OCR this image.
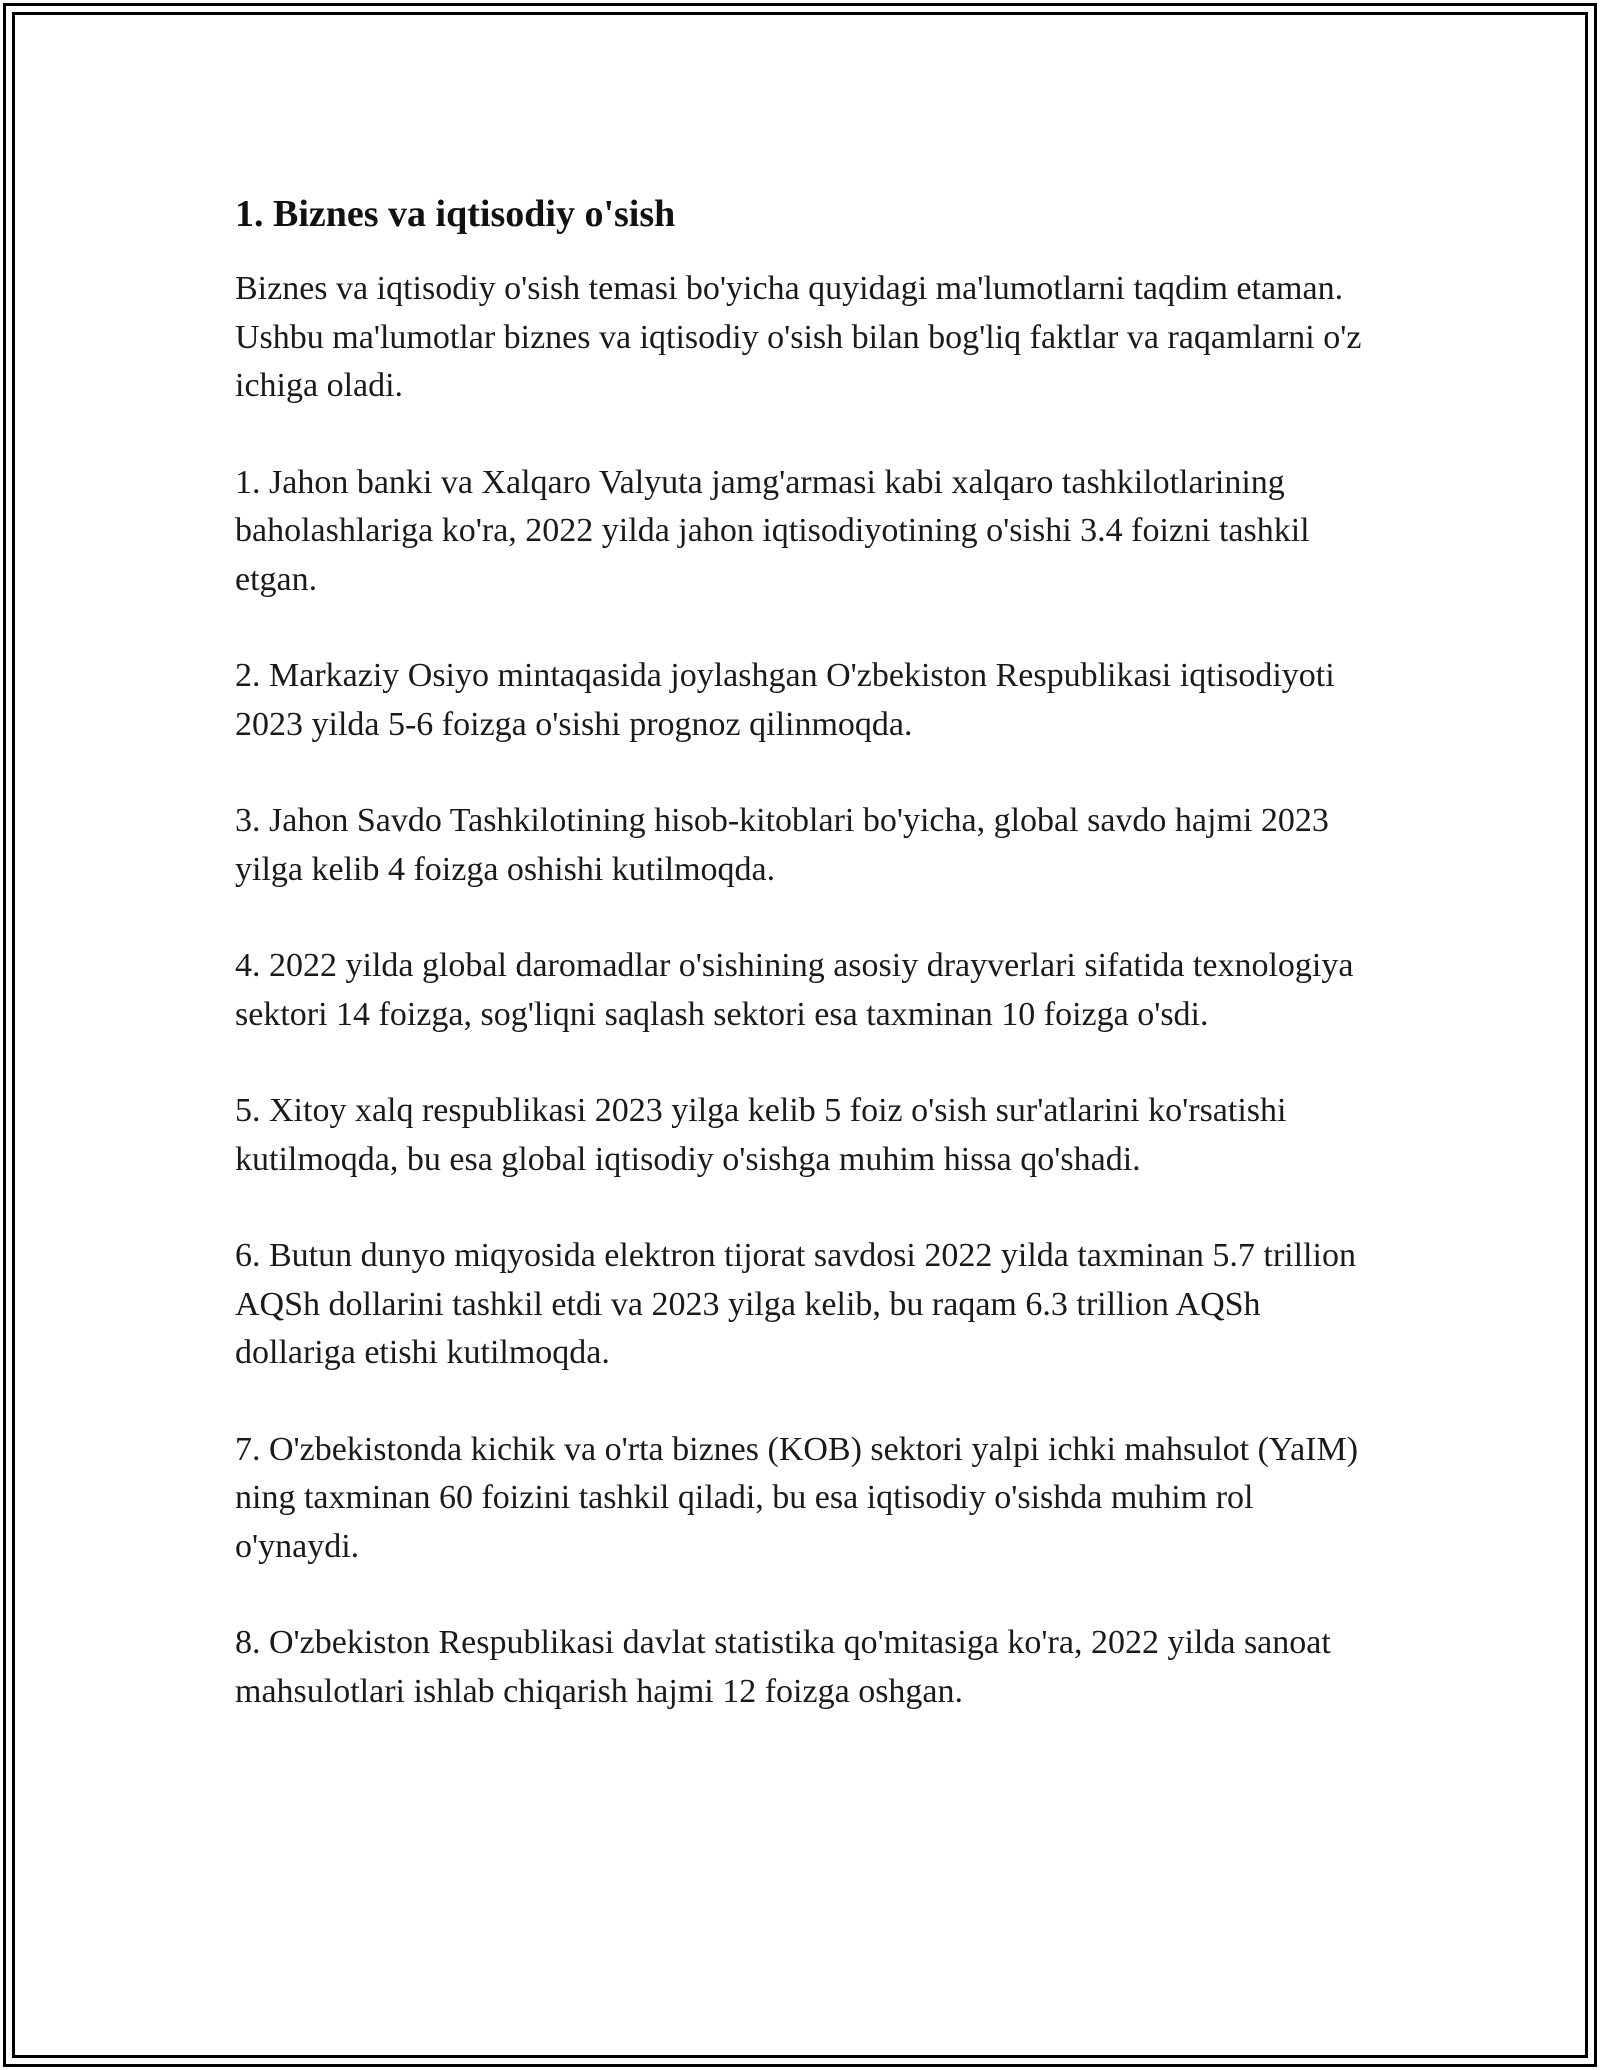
1. Biznes va iqtisodiy o'sish

Biznes va iqtisodiy o'sish temasi bo'yicha quyidagi ma'lumotlarni taqdim etaman. Ushbu ma'lumotlar biznes va iqtisodiy o'sish bilan bog'liq faktlar va raqamlarni o'z ichiga oladi.

1. Jahon banki va Xalqaro Valyuta jamg'armasi kabi xalqaro tashkilotlarining baholashlariga ko'ra, 2022 yilda jahon iqtisodiyotining o'sishi 3.4 foizni tashkil etgan.

2. Markaziy Osiyo mintaqasida joylashgan O'zbekiston Respublikasi iqtisodiyoti 2023 yilda 5-6 foizga o'sishi prognoz qilinmoqda.

3. Jahon Savdo Tashkilotining hisob-kitoblari bo'yicha, global savdo hajmi 2023 yilga kelib 4 foizga oshishi kutilmoqda.

4. 2022 yilda global daromadlar o'sishining asosiy drayverlari sifatida texnologiya sektori 14 foizga, sog'liqni saqlash sektori esa taxminan 10 foizga o'sdi.

5. Xitoy xalq respublikasi 2023 yilga kelib 5 foiz o'sish sur'atlarini ko'rsatishi kutilmoqda, bu esa global iqtisodiy o'sishga muhim hissa qo'shadi.

6. Butun dunyo miqyosida elektron tijorat savdosi 2022 yilda taxminan 5.7 trillion AQSh dollarini tashkil etdi va 2023 yilga kelib, bu raqam 6.3 trillion AQSh dollariga etishi kutilmoqda.

7. O'zbekistonda kichik va o'rta biznes (KOB) sektori yalpi ichki mahsulot (YaIM) ning taxminan 60 foizini tashkil qiladi, bu esa iqtisodiy o'sishda muhim rol o'ynaydi.

8. O'zbekiston Respublikasi davlat statistika qo'mitasiga ko'ra, 2022 yilda sanoat mahsulotlari ishlab chiqarish hajmi 12 foizga oshgan.
